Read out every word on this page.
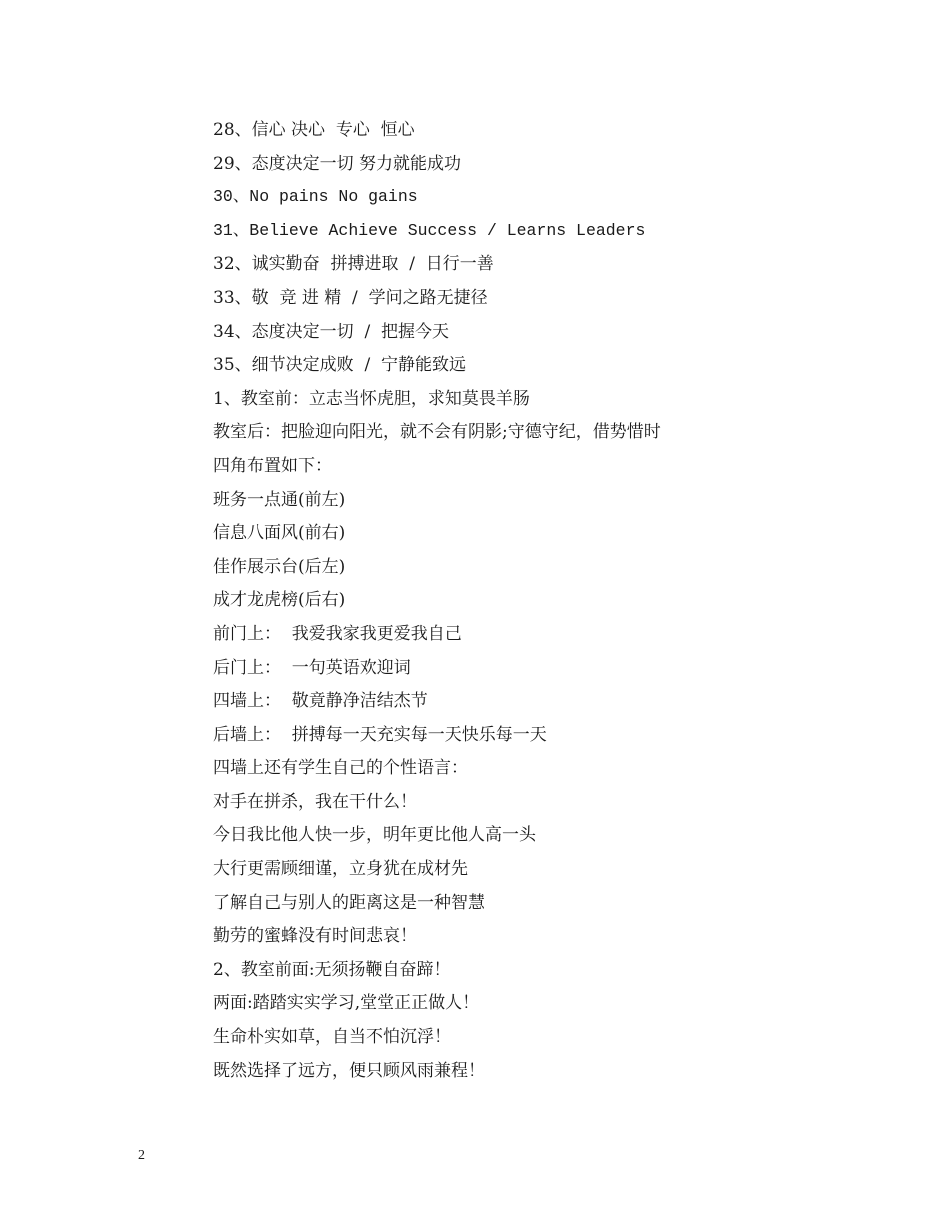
28、信心 决心  专心  恒心
29、态度决定一切 努力就能成功
30、No pains No gains
31、Believe Achieve Success / Learns Leaders
32、诚实勤奋  拼搏进取  /  日行一善
33、敬  竞 进 精  /  学问之路无捷径
34、态度决定一切  /  把握今天
35、细节决定成败  /  宁静能致远
1、教室前：立志当怀虎胆，求知莫畏羊肠
教室后：把脸迎向阳光，就不会有阴影;守德守纪，借势惜时
四角布置如下：
班务一点通(前左)
信息八面风(前右)
佳作展示台(后左)
成才龙虎榜(后右)
前门上：  我爱我家我更爱我自己
后门上：  一句英语欢迎词
四墙上：  敬竟静净洁结杰节
后墙上：  拼搏每一天充实每一天快乐每一天
四墙上还有学生自己的个性语言：
对手在拼杀，我在干什么！
今日我比他人快一步，明年更比他人高一头
大行更需顾细谨，立身犹在成材先
了解自己与别人的距离这是一种智慧
勤劳的蜜蜂没有时间悲哀！
2、教室前面:无须扬鞭自奋蹄！
两面:踏踏实实学习,堂堂正正做人！
生命朴实如草，自当不怕沉浮！
既然选择了远方，便只顾风雨兼程！
2
